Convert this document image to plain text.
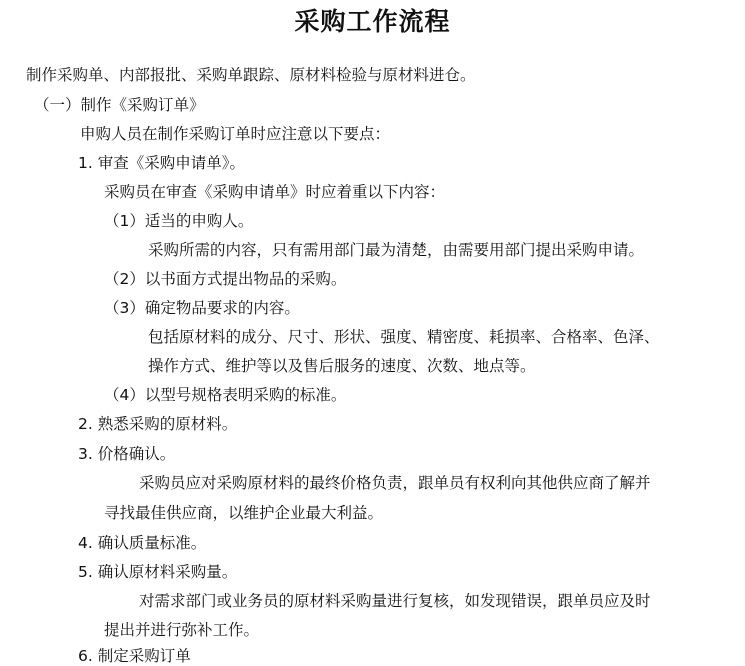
采购工作流程
制作采购单、内部报批、采购单跟踪、原材料检验与原材料进仓。
（一）制作《采购订单》
申购人员在制作采购订单时应注意以下要点：
1. 审查《采购申请单》。
采购员在审查《采购申请单》时应着重以下内容：
（1）适当的申购人。
采购所需的内容，只有需用部门最为清楚，由需要用部门提出采购申请。
（2）以书面方式提出物品的采购。
（3）确定物品要求的内容。
包括原材料的成分、尺寸、形状、强度、精密度、耗损率、合格率、色泽、
操作方式、维护等以及售后服务的速度、次数、地点等。
（4）以型号规格表明采购的标准。
2. 熟悉采购的原材料。
3. 价格确认。
采购员应对采购原材料的最终价格负责，跟单员有权利向其他供应商了解并
寻找最佳供应商，以维护企业最大利益。
4. 确认质量标准。
5. 确认原材料采购量。
对需求部门或业务员的原材料采购量进行复核，如发现错误，跟单员应及时
提出并进行弥补工作。
6. 制定采购订单
